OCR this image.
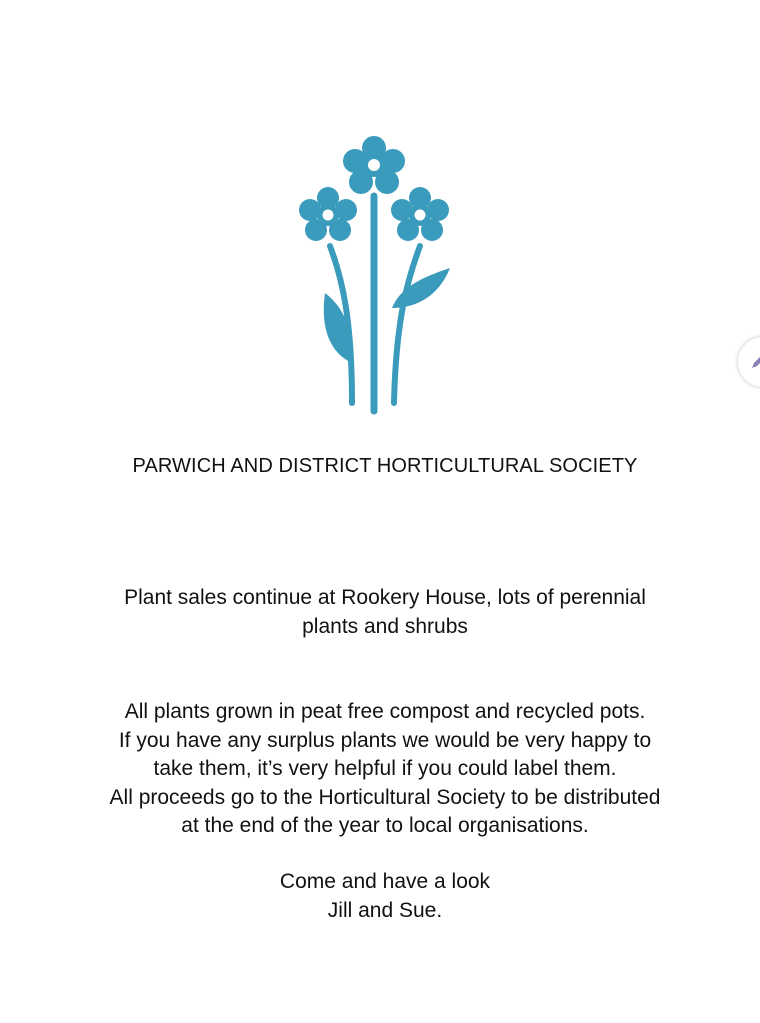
PARWICH AND DISTRICT HORTICULTURAL SOCIETY
Plant sales continue at Rookery House, lots of perennial
plants and shrubs
All plants grown in peat free compost and recycled pots.
If you have any surplus plants we would be very happy to
take them, it’s very helpful if you could label them.
All proceeds go to the Horticultural Society to be distributed
at the end of the year to local organisations.
Come and have a look
Jill and Sue.
